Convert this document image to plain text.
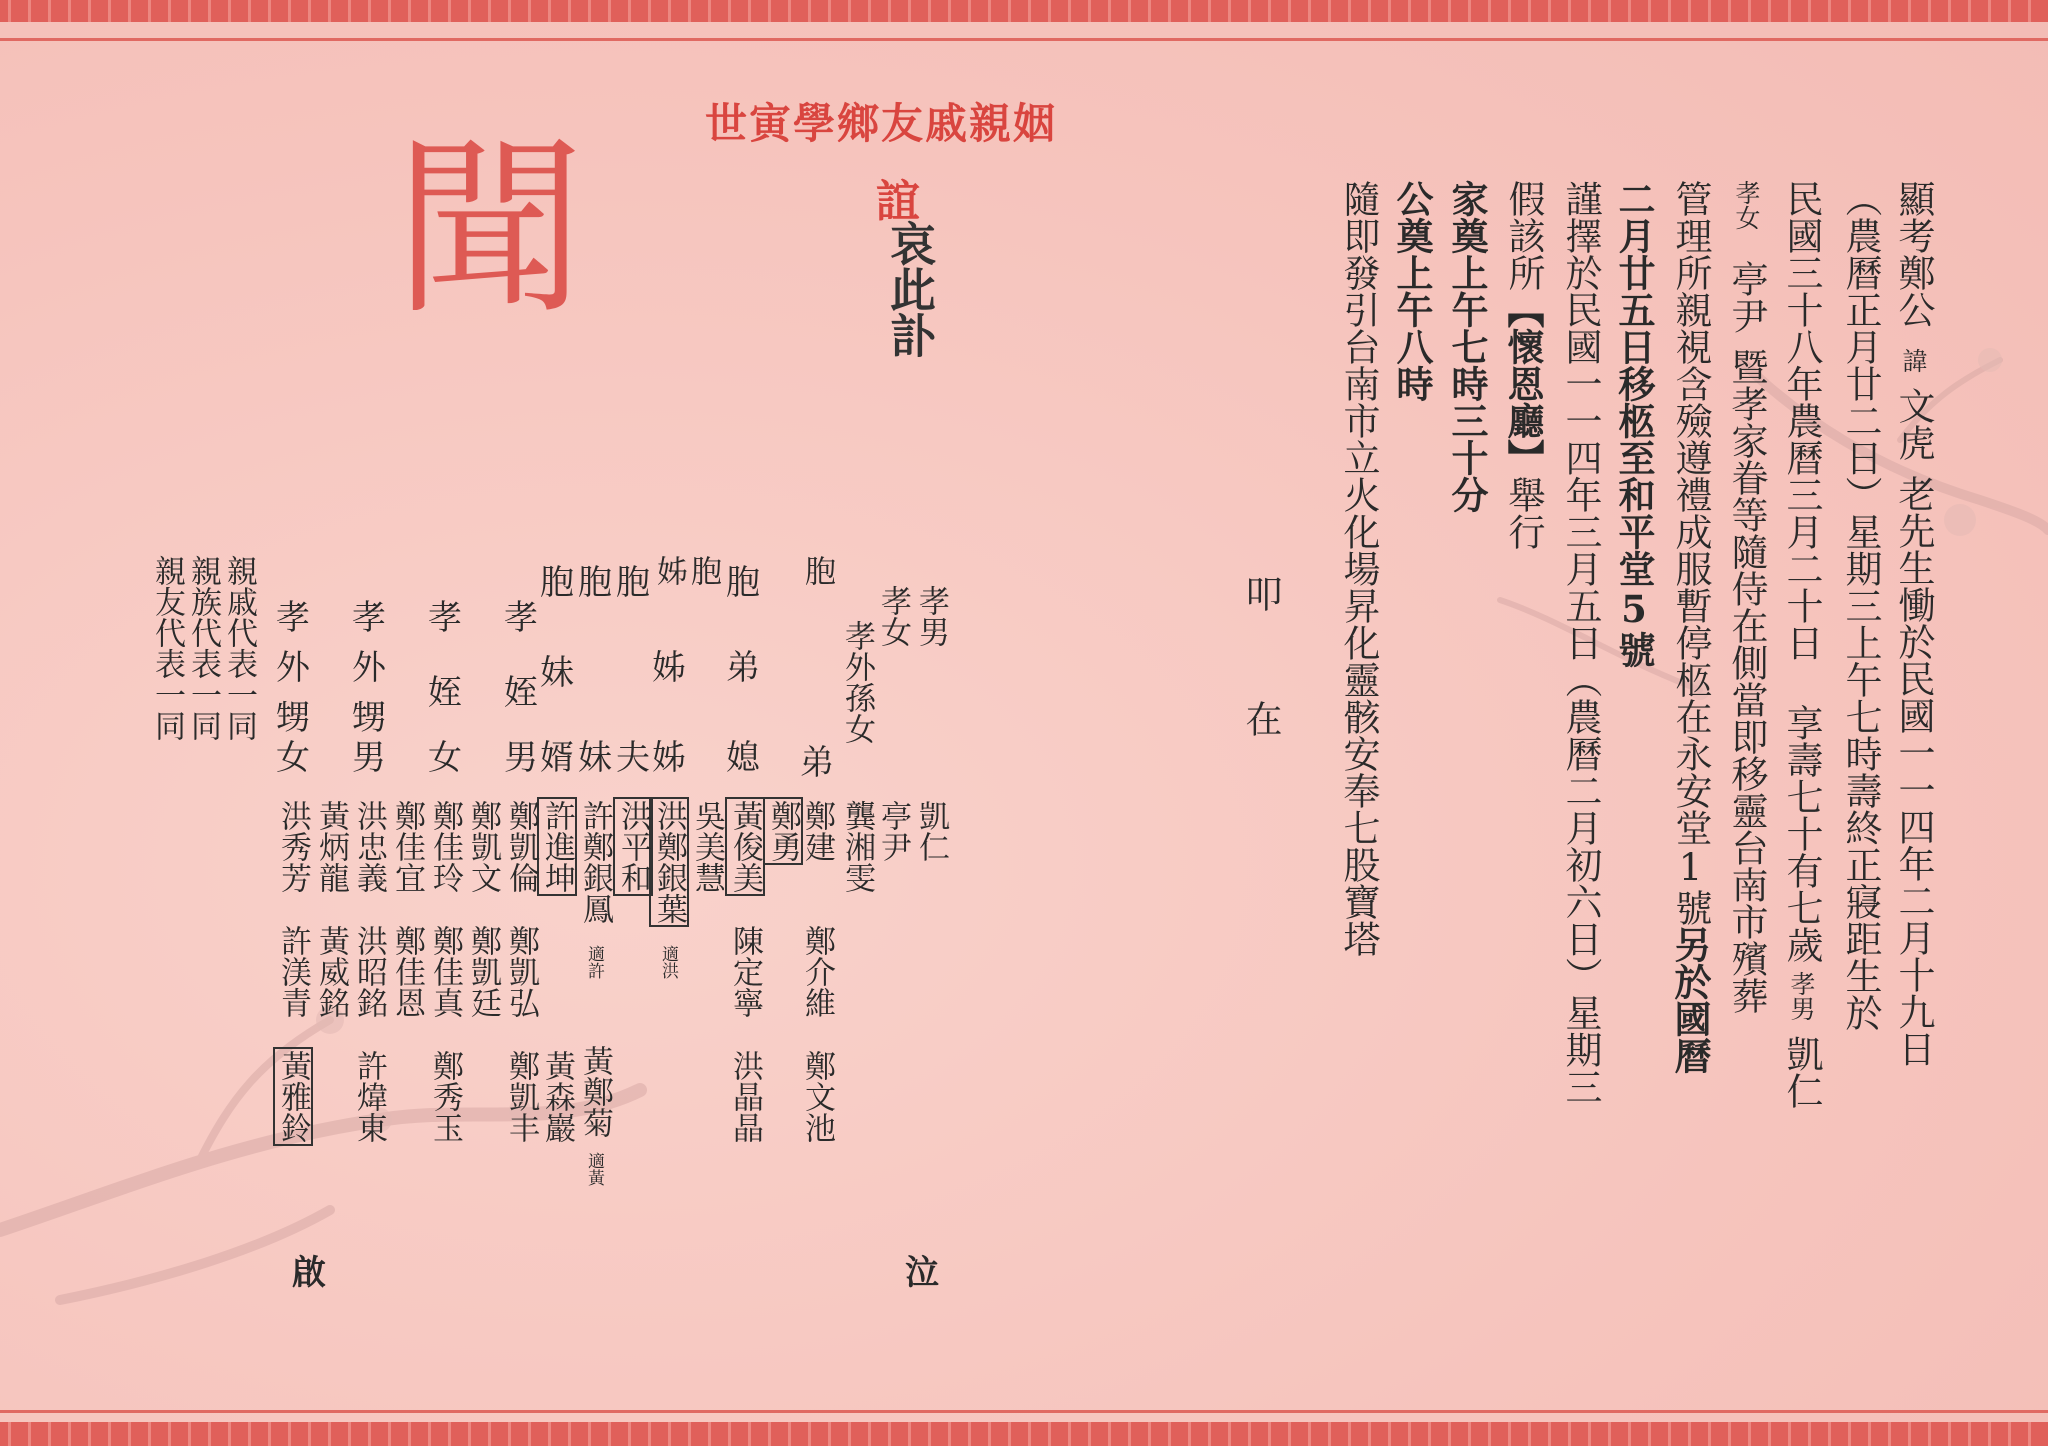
世寅學鄉友戚親姻
聞	誼
哀此訃	顯考鄭公諱文虎老先生慟於民國一一四年二月十九日
（農曆正月廿二日）星期三上午七時壽終正寢距生於
民國三十八年農曆三月二十日 享壽七十有七歲孝男凱仁
孝女亭尹暨孝家眷等隨侍在側當即移靈台南市殯葬
管理所親視含殮遵禮成服暫停柩在永安堂1號另於國曆
二月廿五日移柩至和平堂5號
謹擇於民國一一四年三月五日（農曆二月初六日）星期三
假該所【懷恩廳】舉行
家奠上午七時三十分
公奠上午八時
隨即發引台南市立火化場昇化靈骸安奉七股寶塔
叩
在
孝男
孝女
孝外孫女
胞

弟
胞
弟
媳
胞
姊
姊
姊
胞
夫
胞
妹
胞
妹
婿
孝
姪
男
孝
姪
女
孝
外
甥
男
孝
外
甥
女
親戚代表一同
親族代表一同
親友代表一同
凱仁
亭尹
龔湘雯
鄭建
鄭介維
鄭文池
鄭勇
黃俊美
吳美慧
陳定寧
洪晶晶
洪鄭銀葉
適洪
洪平和
許鄭銀鳳
適許
黃鄭菊
適黃
許進坤
黃森巖
鄭凱倫
鄭凱弘
鄭凱丰
鄭凱文
鄭凱廷
鄭佳玲
鄭佳真
鄭秀玉
鄭佳宜
鄭佳恩
洪忠義
洪昭銘
許煒東
黃炳龍
黃威銘
黃雅鈴
洪秀芳
許渼青
泣
啟
